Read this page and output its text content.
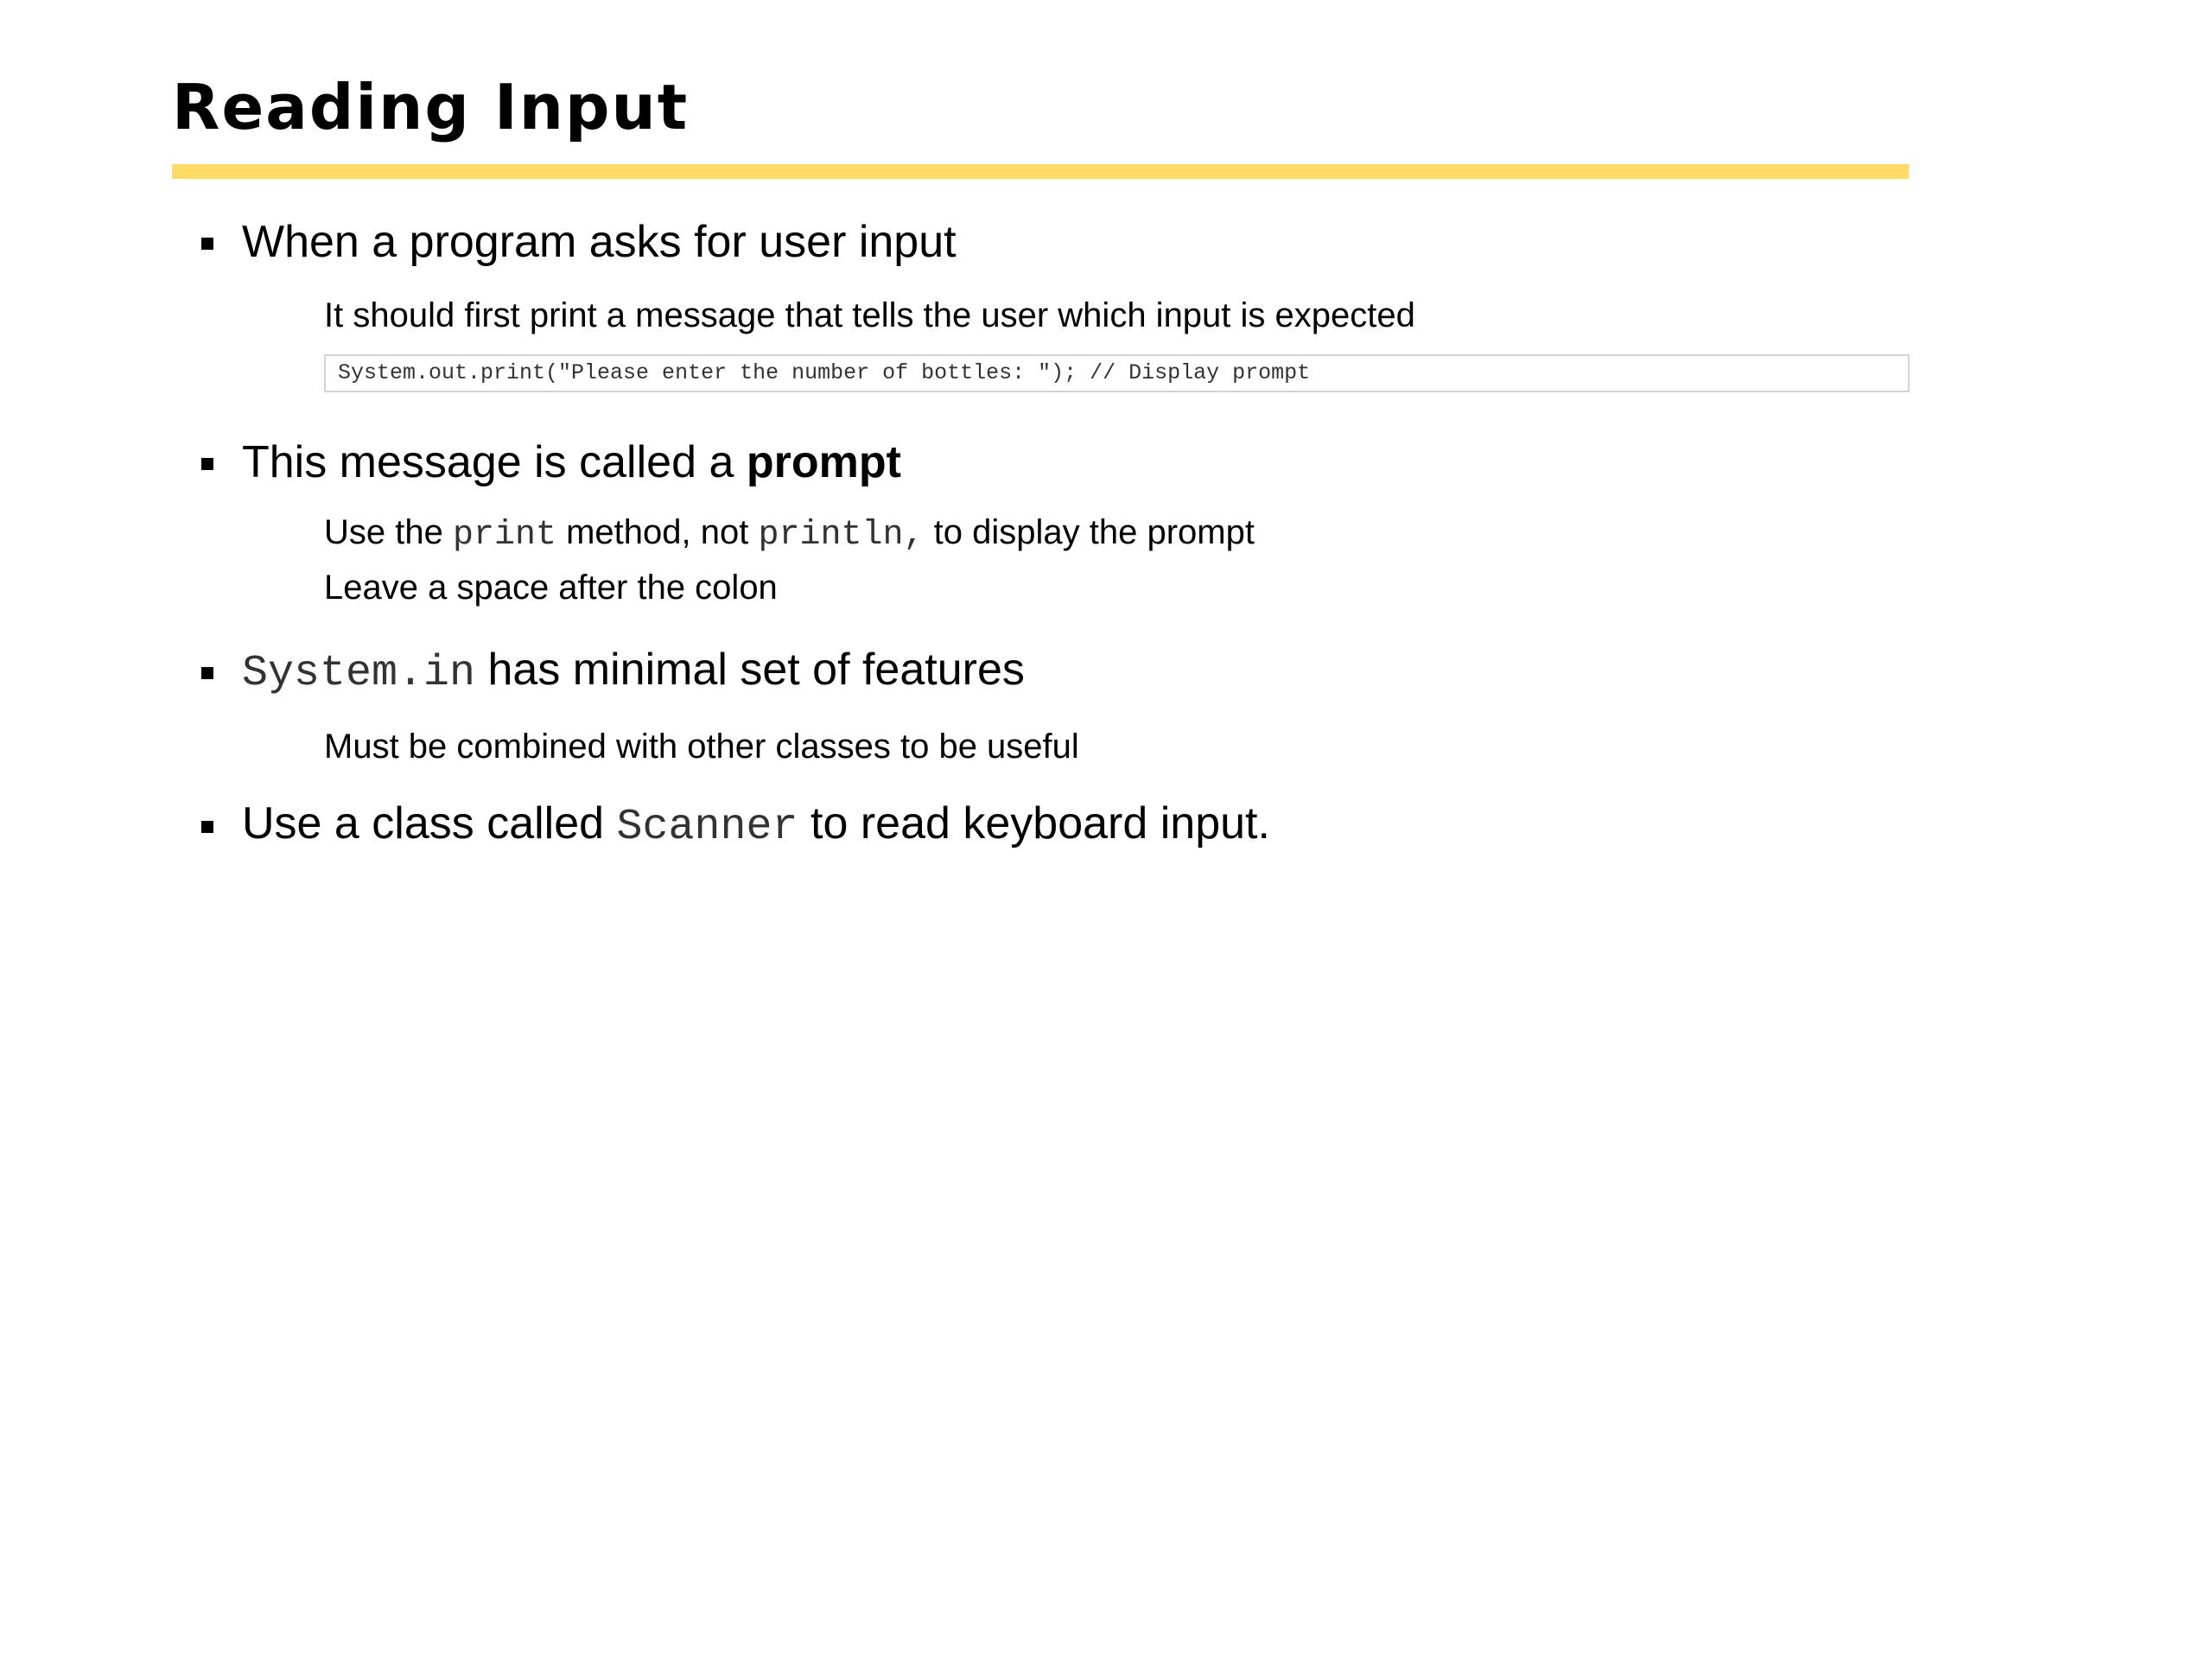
Reading Input
When a program asks for user input
It should first print a message that tells the user which input is expected
System.out.print("Please enter the number of bottles: "); // Display prompt
This message is called a prompt
Use the print method, not println, to display the prompt
Leave a space after the colon
System.in has minimal set of features
Must be combined with other classes to be useful
Use a class called Scanner to read keyboard input.
